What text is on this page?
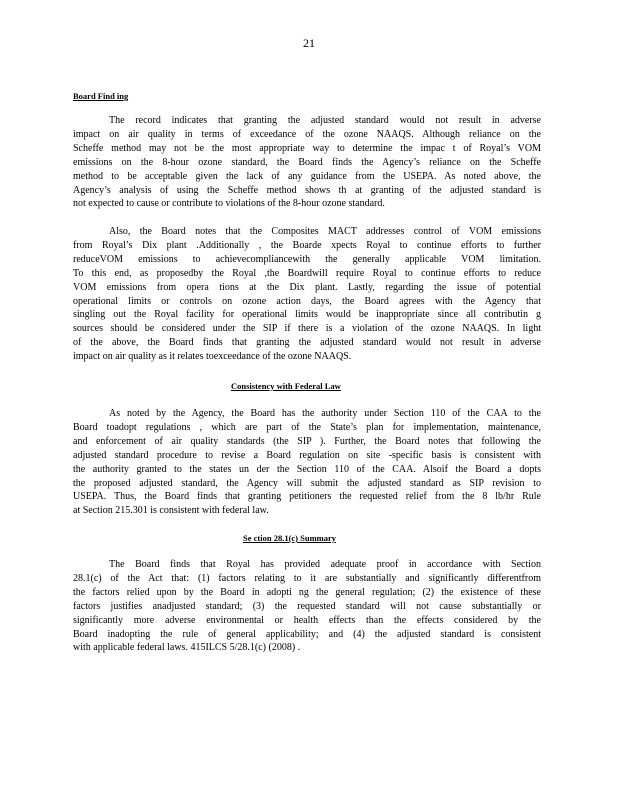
21
Board Find ing
The record indicates that granting the adjusted standard would not result in adverse
impact on air quality in terms of exceedance of the ozone NAAQS. Although reliance on the
Scheffe method may not be the most appropriate way to determine the impac t of Royal’s VOM
emissions on the 8-hour ozone standard, the Board finds the Agency’s reliance on the Scheffe
method to be acceptable given the lack of any guidance from the USEPA. As noted above, the
Agency’s analysis of using the Scheffe method shows th at granting of the adjusted standard is
not expected to cause or contribute to violations of the 8-hour ozone standard.
Also, the Board notes that the Composites MACT addresses control of VOM emissions
from Royal’s Dix plant .Additionally , the Boarde xpects Royal to continue efforts to further
reduceVOM emissions to achievecompliancewith the generally applicable VOM limitation.
To this end, as proposedby the Royal ,the Boardwill require Royal to continue efforts to reduce
VOM emissions from opera tions at the Dix plant. Lastly, regarding the issue of potential
operational limits or controls on ozone action days, the Board agrees with the Agency that
singling out the Royal facility for operational limits would be inappropriate since all contributin g
sources should be considered under the SIP if there is a violation of the ozone NAAQS. In light
of the above, the Board finds that granting the adjusted standard would not result in adverse
impact on air quality as it relates toexceedance of the ozone NAAQS.
Consistency with Federal Law
As noted by the Agency, the Board has the authority under Section 110 of the CAA to the
Board toadopt regulations , which are part of the State’s plan for implementation, maintenance,
and enforcement of air quality standards (the SIP ). Further, the Board notes that following the
adjusted standard procedure to revise a Board regulation on site -specific basis is consistent with
the authority granted to the states un der the Section 110 of the CAA. Alsoif the Board a dopts
the proposed adjusted standard, the Agency will submit the adjusted standard as SIP revision to
USEPA. Thus, the Board finds that granting petitioners the requested relief from the 8 lb/hr Rule
at Section 215.301 is consistent with federal law.
Se ction 28.1(c) Summary
The Board finds that Royal has provided adequate proof in accordance with Section
28.1(c) of the Act that: (1) factors relating to it are substantially and significantly differentfrom
the factors relied upon by the Board in adopti ng the general regulation; (2) the existence of these
factors justifies anadjusted standard; (3) the requested standard will not cause substantially or
significantly more adverse environmental or health effects than the effects considered by the
Board inadopting the rule of general applicability; and (4) the adjusted standard is consistent
with applicable federal laws. 415ILCS 5/28.1(c) (2008) .
